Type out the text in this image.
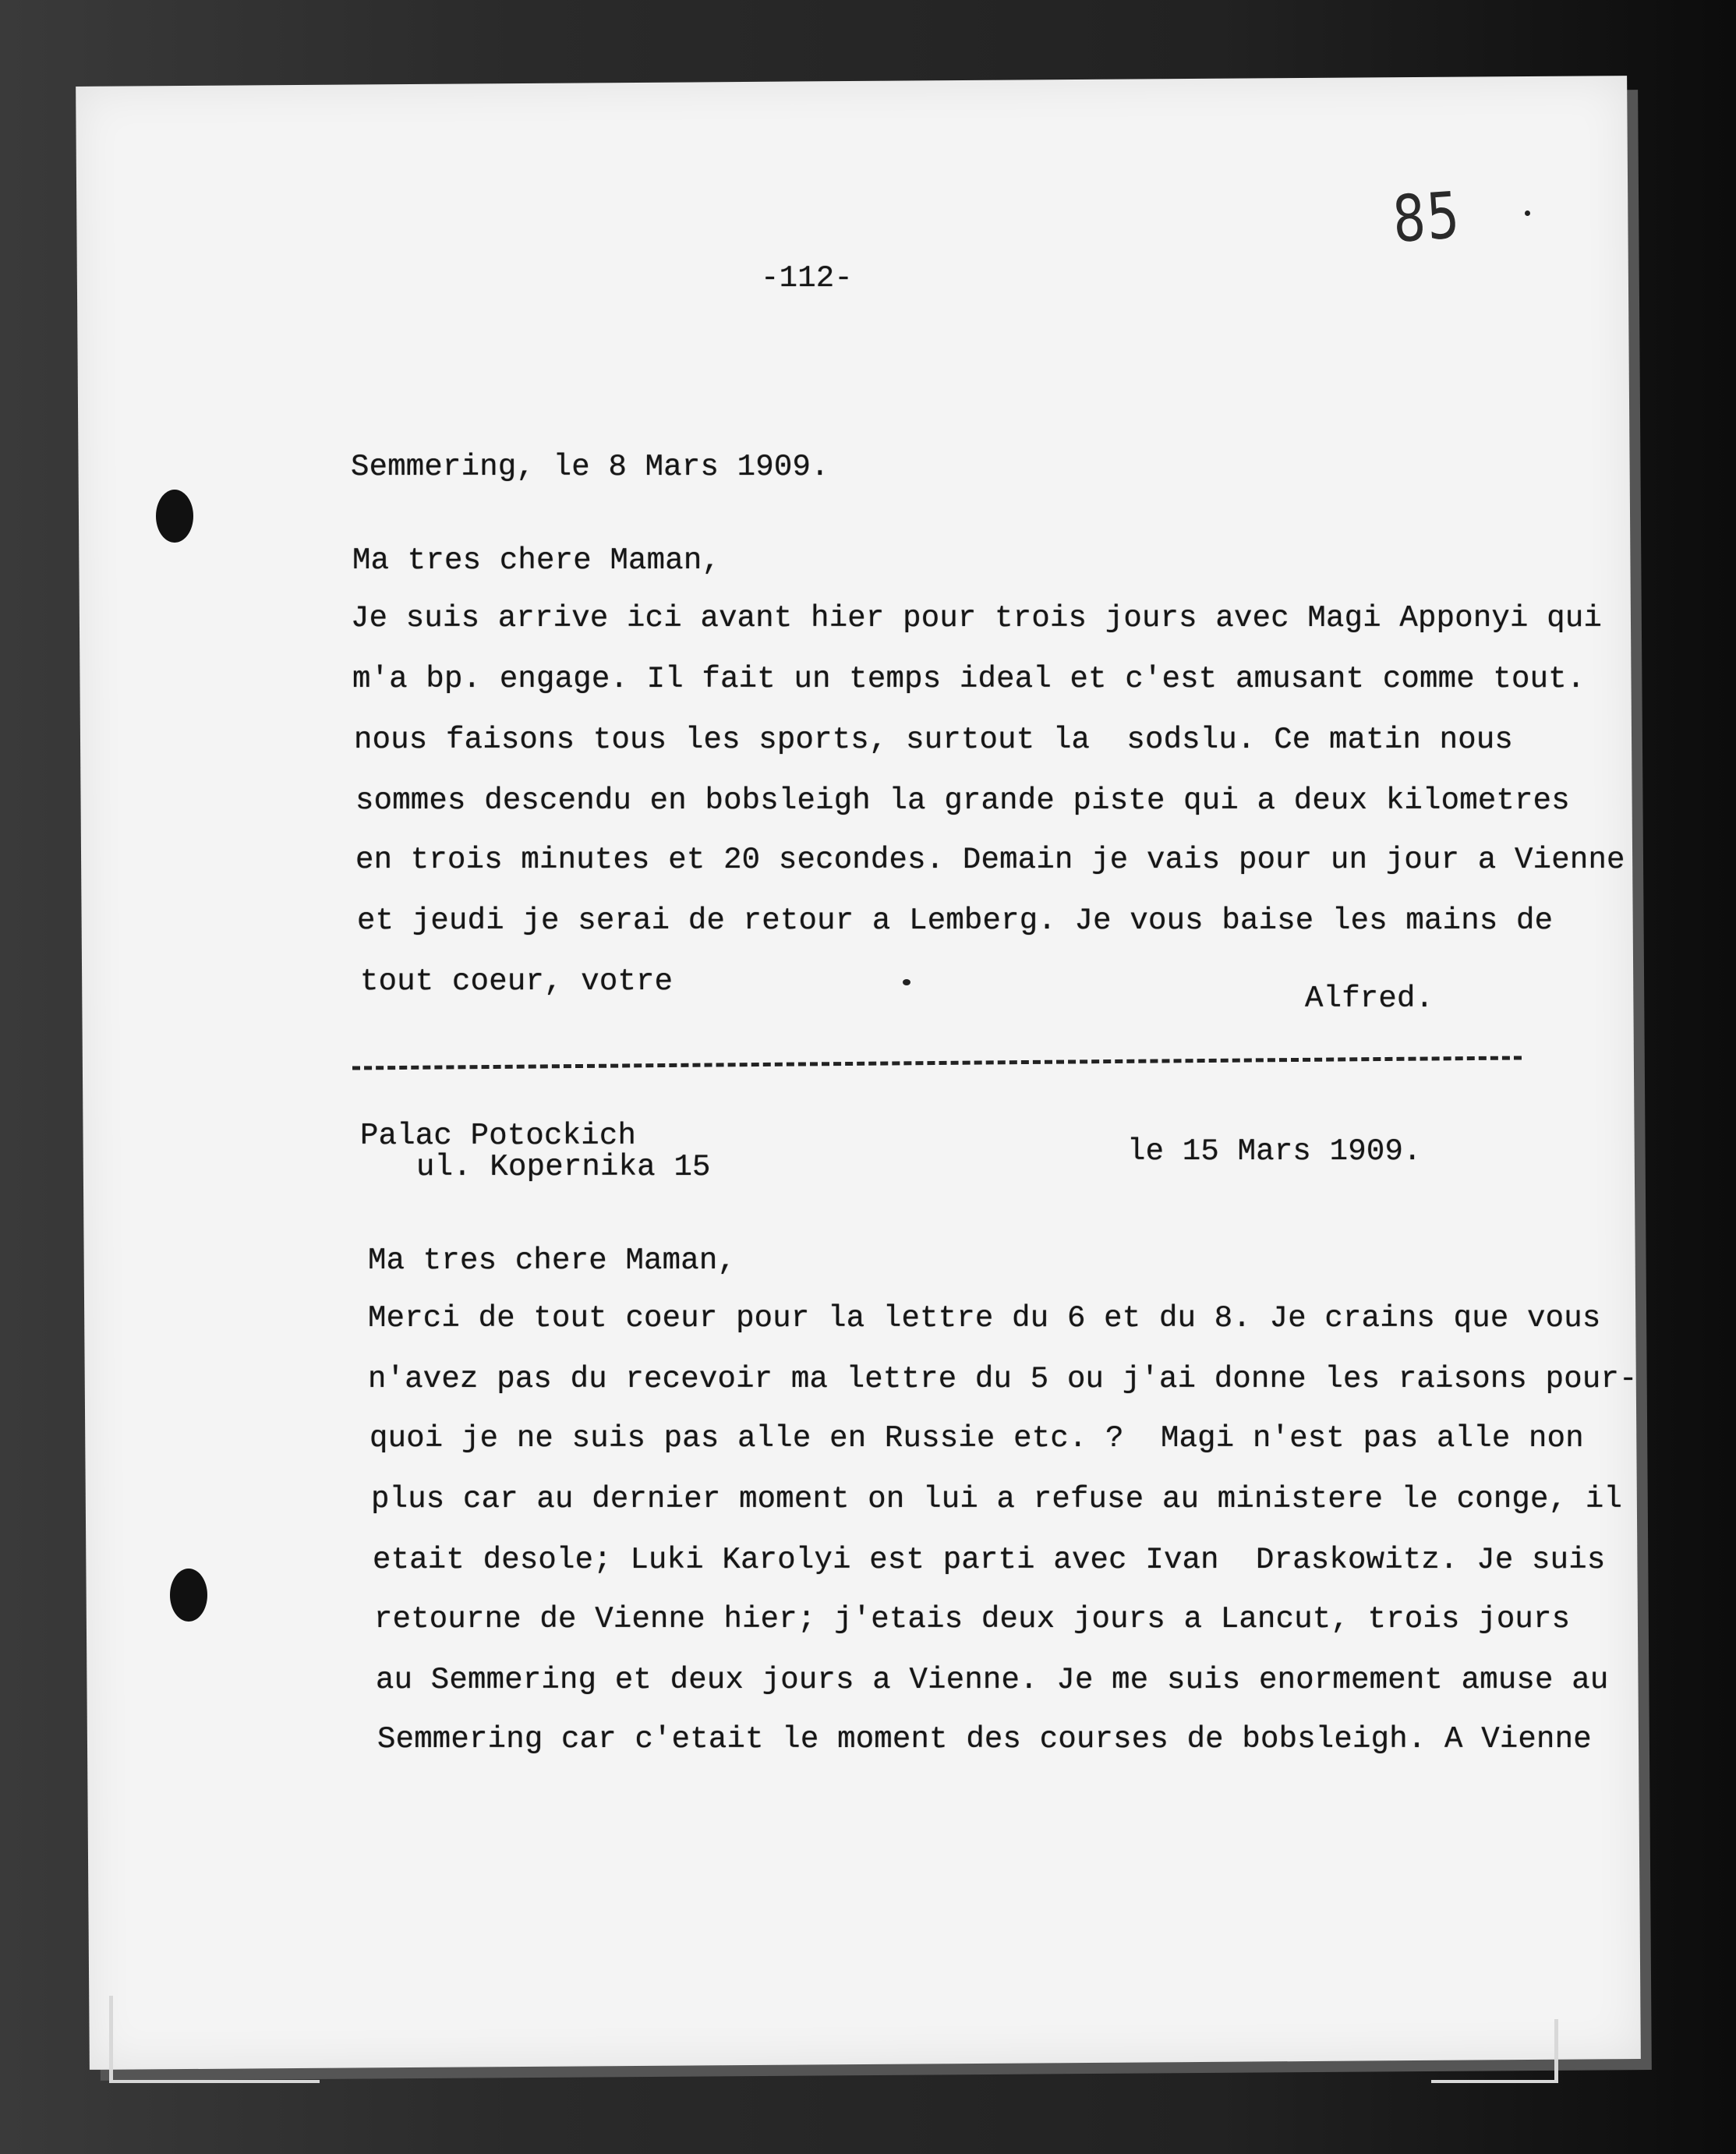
85
-112-
Semmering, le 8 Mars 1909.
Ma tres chere Maman,
Je suis arrive ici avant hier pour trois jours avec Magi Apponyi qui
m'a bp. engage. Il fait un temps ideal et c'est amusant comme tout.
nous faisons tous les sports, surtout la  sodslu. Ce matin nous
sommes descendu en bobsleigh la grande piste qui a deux kilometres
en trois minutes et 20 secondes. Demain je vais pour un jour a Vienne
et jeudi je serai de retour a Lemberg. Je vous baise les mains de
tout coeur, votre	Alfred.
Palac Potockich
ul. Kopernika 15	le 15 Mars 1909.
Ma tres chere Maman,
Merci de tout coeur pour la lettre du 6 et du 8. Je crains que vous
n'avez pas du recevoir ma lettre du 5 ou j'ai donne les raisons pour-
quoi je ne suis pas alle en Russie etc. ?  Magi n'est pas alle non
plus car au dernier moment on lui a refuse au ministere le conge, il
etait desole; Luki Karolyi est parti avec Ivan  Draskowitz. Je suis
retourne de Vienne hier; j'etais deux jours a Lancut, trois jours
au Semmering et deux jours a Vienne. Je me suis enormement amuse au
Semmering car c'etait le moment des courses de bobsleigh. A Vienne
